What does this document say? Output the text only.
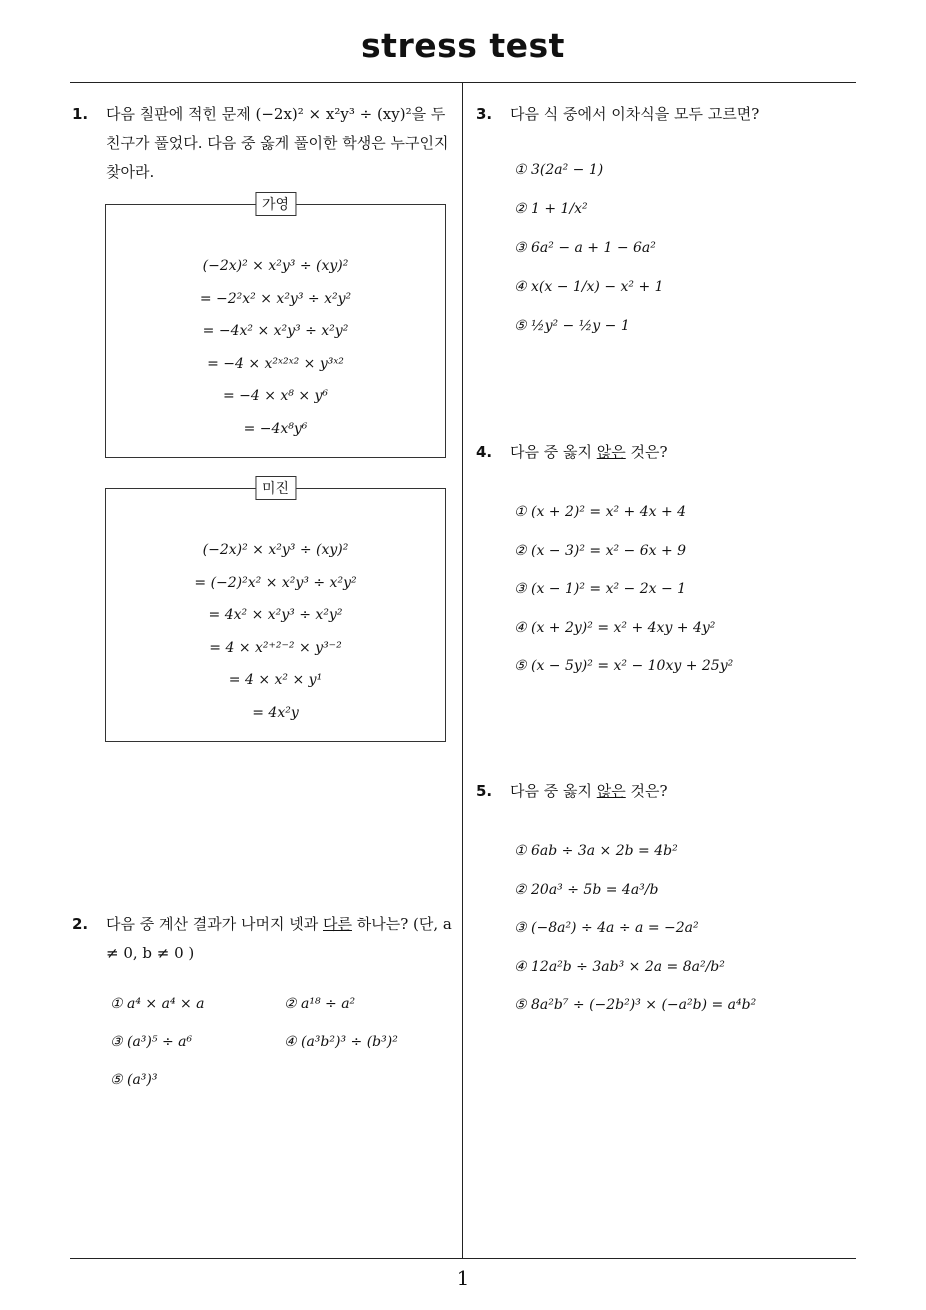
stress test
1
1. 다음 칠판에 적힌 문제 (−2x)² × x²y³ ÷ (xy)²을 두 친구가 풀었다. 다음 중 옳게 풀이한 학생은 누구인지 찾아라.
가영
(−2x)² × x²y³ ÷ (xy)²
= −2²x² × x²y³ ÷ x²y²
= −4x² × x²y³ ÷ x²y²
= −4 × x²ˣ²ˣ² × y³ˣ²
= −4 × x⁸ × y⁶
= −4x⁸y⁶
미진
(−2x)² × x²y³ ÷ (xy)²
= (−2)²x² × x²y³ ÷ x²y²
= 4x² × x²y³ ÷ x²y²
= 4 × x²⁺²⁻² × y³⁻²
= 4 × x² × y¹
= 4x²y
2. 다음 중 계산 결과가 나머지 넷과 다른 하나는? (단, a ≠ 0, b ≠ 0 )
① a⁴ × a⁴ × a	② a¹⁸ ÷ a²
③ (a³)⁵ ÷ a⁶	④ (a³b²)³ ÷ (b³)²
⑤ (a³)³
3. 다음 식 중에서 이차식을 모두 고르면?
① 3(2a² − 1)
② 1 + 1/x²
③ 6a² − a + 1 − 6a²
④ x(x − 1/x) − x² + 1
⑤ ½y² − ½y − 1
4. 다음 중 옳지 않은 것은?
① (x + 2)² = x² + 4x + 4
② (x − 3)² = x² − 6x + 9
③ (x − 1)² = x² − 2x − 1
④ (x + 2y)² = x² + 4xy + 4y²
⑤ (x − 5y)² = x² − 10xy + 25y²
5. 다음 중 옳지 않은 것은?
① 6ab ÷ 3a × 2b = 4b²
② 20a³ ÷ 5b = 4a³/b
③ (−8a²) ÷ 4a ÷ a = −2a²
④ 12a²b ÷ 3ab³ × 2a = 8a²/b²
⑤ 8a²b⁷ ÷ (−2b²)³ × (−a²b) = a⁴b²
